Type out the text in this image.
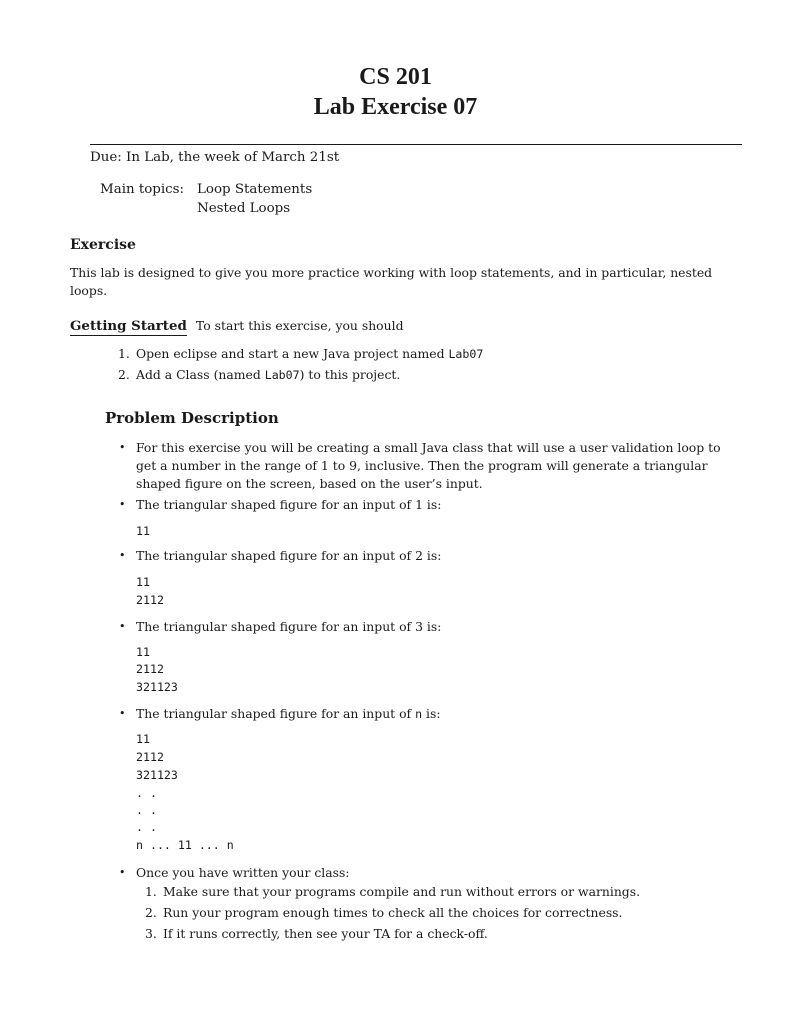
CS 201
Lab Exercise 07

Due: In Lab, the week of March 21st

Main topics: Loop Statements

Nested Loops

Exercise

This lab is designed to give you more practice working with loop statements, and in particular, nested

loops.

Getting Started To start this exercise, you should

1. Open eclipse and start a new Java project named Lab07

2. Add a Class (named Lab07) to this project.

Problem Description

• For this exercise you will be creating a small Java class that will use a user validation loop to

get a number in the range of 1 to 9, inclusive. Then the program will generate a triangular

shaped figure on the screen, based on the user’s input.

• The triangular shaped figure for an input of 1 is:

11

• The triangular shaped figure for an input of 2 is:

11
2112

• The triangular shaped figure for an input of 3 is:

11
2112
321123

• The triangular shaped figure for an input of n is:

11
2112
321123
. .
. .
. .
n ... 11 ... n

• Once you have written your class:

1. Make sure that your programs compile and run without errors or warnings.

2. Run your program enough times to check all the choices for correctness.

3. If it runs correctly, then see your TA for a check-off.
